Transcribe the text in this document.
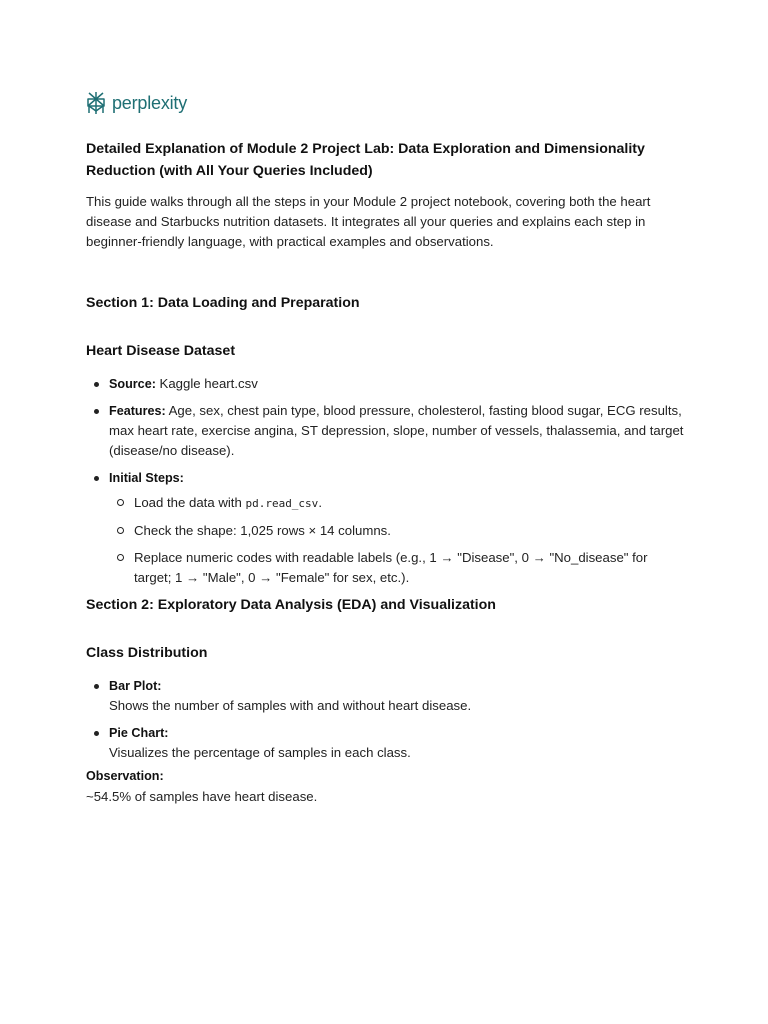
perplexity
Detailed Explanation of Module 2 Project Lab: Data Exploration and Dimensionality Reduction (with All Your Queries Included)

This guide walks through all the steps in your Module 2 project notebook, covering both the heart disease and Starbucks nutrition datasets. It integrates all your queries and explains each step in beginner-friendly language, with practical examples and observations.

Section 1: Data Loading and Preparation
Heart Disease Dataset
Source: Kaggle heart.csv
Features: Age, sex, chest pain type, blood pressure, cholesterol, fasting blood sugar, ECG results, max heart rate, exercise angina, ST depression, slope, number of vessels, thalassemia, and target (disease/no disease).
Initial Steps:
Load the data with pd.read_csv.
Check the shape: 1,025 rows × 14 columns.
Replace numeric codes with readable labels (e.g., 1 → "Disease", 0 → "No_disease" for target; 1 → "Male", 0 → "Female" for sex, etc.).
Section 2: Exploratory Data Analysis (EDA) and Visualization
Class Distribution
Bar Plot:
Shows the number of samples with and without heart disease.
Pie Chart:
Visualizes the percentage of samples in each class.
Observation:
~54.5% of samples have heart disease.
